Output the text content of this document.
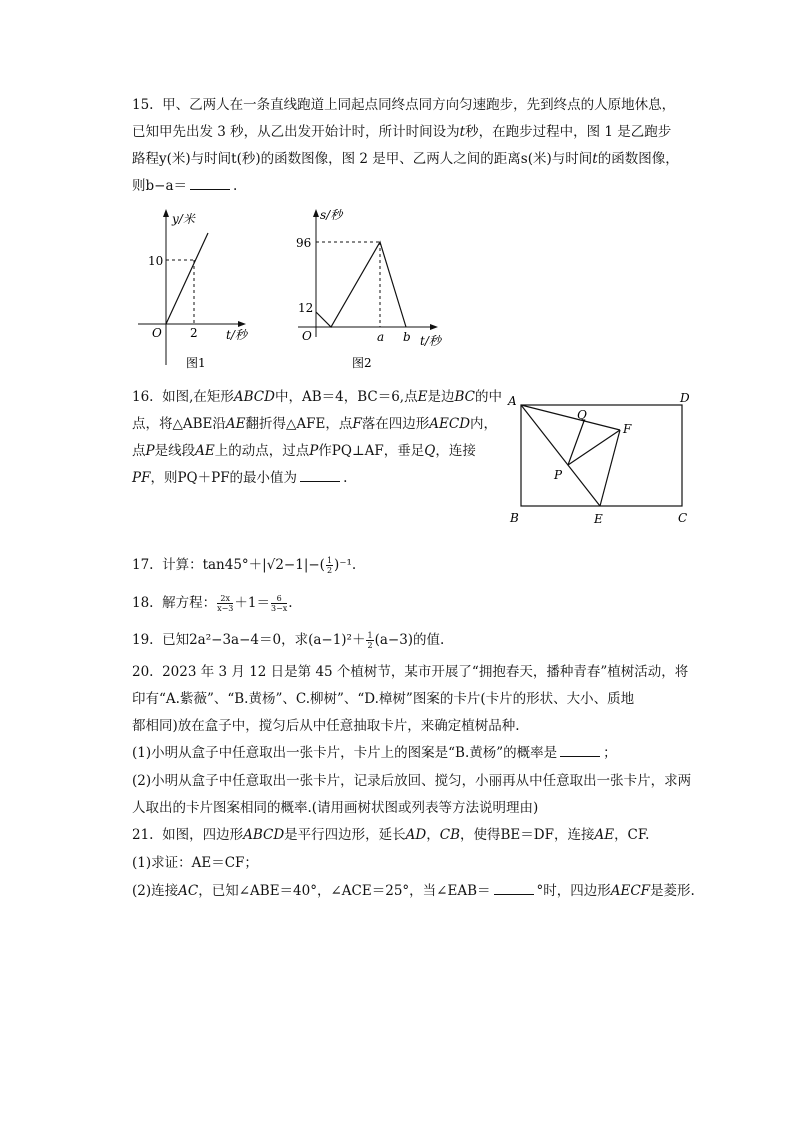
15. 甲、乙两人在一条直线跑道上同起点同终点同方向匀速跑步，先到终点的人原地休息，
已知甲先出发 3 秒，从乙出发开始计时，所计时间设为t秒，在跑步过程中，图 1 是乙跑步
路程y(米)与时间t(秒)的函数图像，图 2 是甲、乙两人之间的距离s(米)与时间t的函数图像，
则b−a＝	.
y/米
t/秒
O
10
2
图1
s/秒
t/秒
O
96
12
a b
图2
16. 如图,在矩形ABCD中，AB＝4，BC＝6,点E是边BC的中点，将△ABE沿AE翻折得△AFE，点F落在四边形AECD内，点P是线段AE上的动点，过点P作PQ⊥AF，垂足Q，连接PF，则PQ＋PF的最小值为	.
A	D
B	C
E
F
P
Q
17. 计算：$\tan 45^\circ+|√2-1|-( \frac{1}{2} )^{-1}$.
18. 解方程： $\frac{2x}{x-3} +1= \frac{6}{3-x}$ .
19. 已知2a²−3a−4＝0，求$(a-1)^2+ \frac{1}{2} (a-3)$的值.
20. 2023 年 3 月 12 日是第 45 个植树节，某市开展了“拥抱春天，播种青春”植树活动，将
印有“A.紫薇”、“B.黄杨”、C.柳树”、“D.樟树”图案的卡片(卡片的形状、大小、质地
都相同)放在盒子中，搅匀后从中任意抽取卡片，来确定植树品种.
(1)小明从盒子中任意取出一张卡片，卡片上的图案是“B.黄杨”的概率是	；
(2)小明从盒子中任意取出一张卡片，记录后放回、搅匀，小丽再从中任意取出一张卡片，求两
人取出的卡片图案相同的概率.(请用画树状图或列表等方法说明理由)
21. 如图，四边形ABCD是平行四边形，延长AD，CB，使得BE＝DF，连接AE，CF.
(1)求证：AE＝CF；
(2)连接AC，已知∠ABE＝40°，∠ACE＝25°，当∠EAB＝	°时，四边形AECF是菱形.
